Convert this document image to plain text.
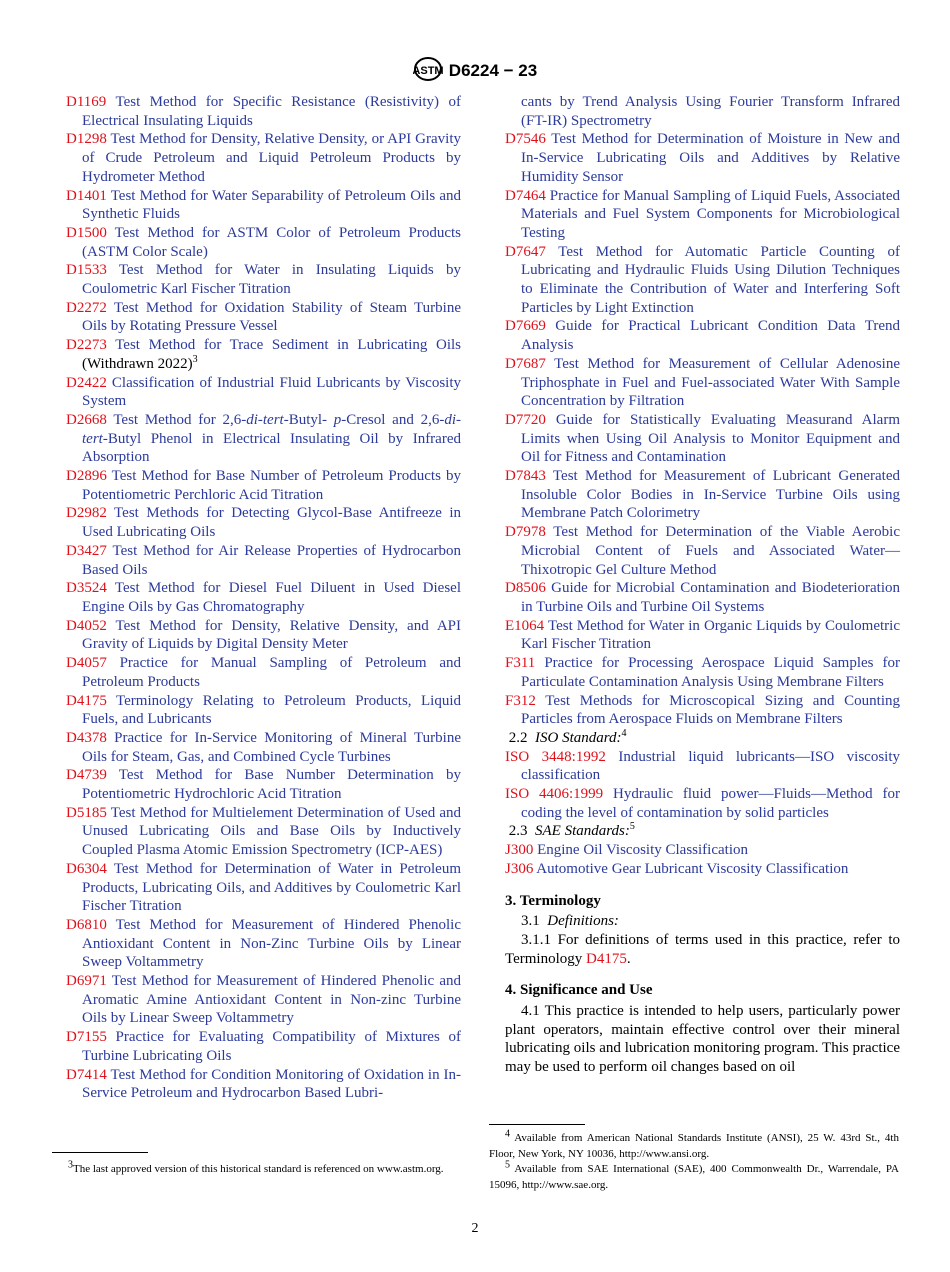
ASTM D6224 − 23
D1169 Test Method for Specific Resistance (Resistivity) of Electrical Insulating Liquids
D1298 Test Method for Density, Relative Density, or API Gravity of Crude Petroleum and Liquid Petroleum Products by Hydrometer Method
D1401 Test Method for Water Separability of Petroleum Oils and Synthetic Fluids
D1500 Test Method for ASTM Color of Petroleum Products (ASTM Color Scale)
D1533 Test Method for Water in Insulating Liquids by Coulometric Karl Fischer Titration
D2272 Test Method for Oxidation Stability of Steam Turbine Oils by Rotating Pressure Vessel
D2273 Test Method for Trace Sediment in Lubricating Oils (Withdrawn 2022)$^3$
D2422 Classification of Industrial Fluid Lubricants by Viscosity System
D2668 Test Method for 2,6-di-tert-Butyl- p-Cresol and 2,6-di-tert-Butyl Phenol in Electrical Insulating Oil by Infrared Absorption
D2896 Test Method for Base Number of Petroleum Products by Potentiometric Perchloric Acid Titration
D2982 Test Methods for Detecting Glycol-Base Antifreeze in Used Lubricating Oils
D3427 Test Method for Air Release Properties of Hydrocarbon Based Oils
D3524 Test Method for Diesel Fuel Diluent in Used Diesel Engine Oils by Gas Chromatography
D4052 Test Method for Density, Relative Density, and API Gravity of Liquids by Digital Density Meter
D4057 Practice for Manual Sampling of Petroleum and Petroleum Products
D4175 Terminology Relating to Petroleum Products, Liquid Fuels, and Lubricants
D4378 Practice for In-Service Monitoring of Mineral Turbine Oils for Steam, Gas, and Combined Cycle Turbines
D4739 Test Method for Base Number Determination by Potentiometric Hydrochloric Acid Titration
D5185 Test Method for Multielement Determination of Used and Unused Lubricating Oils and Base Oils by Inductively Coupled Plasma Atomic Emission Spectrometry (ICP-AES)
D6304 Test Method for Determination of Water in Petroleum Products, Lubricating Oils, and Additives by Coulometric Karl Fischer Titration
D6810 Test Method for Measurement of Hindered Phenolic Antioxidant Content in Non-Zinc Turbine Oils by Linear Sweep Voltammetry
D6971 Test Method for Measurement of Hindered Phenolic and Aromatic Amine Antioxidant Content in Non-zinc Turbine Oils by Linear Sweep Voltammetry
D7155 Practice for Evaluating Compatibility of Mixtures of Turbine Lubricating Oils
D7414 Test Method for Condition Monitoring of Oxidation in In-Service Petroleum and Hydrocarbon Based Lubri-
cants by Trend Analysis Using Fourier Transform Infrared (FT-IR) Spectrometry
D7546 Test Method for Determination of Moisture in New and In-Service Lubricating Oils and Additives by Relative Humidity Sensor
D7464 Practice for Manual Sampling of Liquid Fuels, Associated Materials and Fuel System Components for Microbiological Testing
D7647 Test Method for Automatic Particle Counting of Lubricating and Hydraulic Fluids Using Dilution Techniques to Eliminate the Contribution of Water and Interfering Soft Particles by Light Extinction
D7669 Guide for Practical Lubricant Condition Data Trend Analysis
D7687 Test Method for Measurement of Cellular Adenosine Triphosphate in Fuel and Fuel-associated Water With Sample Concentration by Filtration
D7720 Guide for Statistically Evaluating Measurand Alarm Limits when Using Oil Analysis to Monitor Equipment and Oil for Fitness and Contamination
D7843 Test Method for Measurement of Lubricant Generated Insoluble Color Bodies in In-Service Turbine Oils using Membrane Patch Colorimetry
D7978 Test Method for Determination of the Viable Aerobic Microbial Content of Fuels and Associated Water—Thixotropic Gel Culture Method
D8506 Guide for Microbial Contamination and Biodeterioration in Turbine Oils and Turbine Oil Systems
E1064 Test Method for Water in Organic Liquids by Coulometric Karl Fischer Titration
F311 Practice for Processing Aerospace Liquid Samples for Particulate Contamination Analysis Using Membrane Filters
F312 Test Methods for Microscopical Sizing and Counting Particles from Aerospace Fluids on Membrane Filters
2.2 ISO Standard:$^4$
ISO 3448:1992 Industrial liquid lubricants—ISO viscosity classification
ISO 4406:1999 Hydraulic fluid power—Fluids—Method for coding the level of contamination by solid particles
2.3 SAE Standards:$^5$
J300 Engine Oil Viscosity Classification
J306 Automotive Gear Lubricant Viscosity Classification
3. Terminology
3.1 Definitions:
3.1.1 For definitions of terms used in this practice, refer to Terminology D4175.
4. Significance and Use
4.1 This practice is intended to help users, particularly power plant operators, maintain effective control over their mineral lubricating oils and lubrication monitoring program. This practice may be used to perform oil changes based on oil
$^3$The last approved version of this historical standard is referenced on www.astm.org.
$^4$ Available from American National Standards Institute (ANSI), 25 W. 43rd St., 4th Floor, New York, NY 10036, http://www.ansi.org.
$^5$ Available from SAE International (SAE), 400 Commonwealth Dr., Warrendale, PA 15096, http://www.sae.org.
2
